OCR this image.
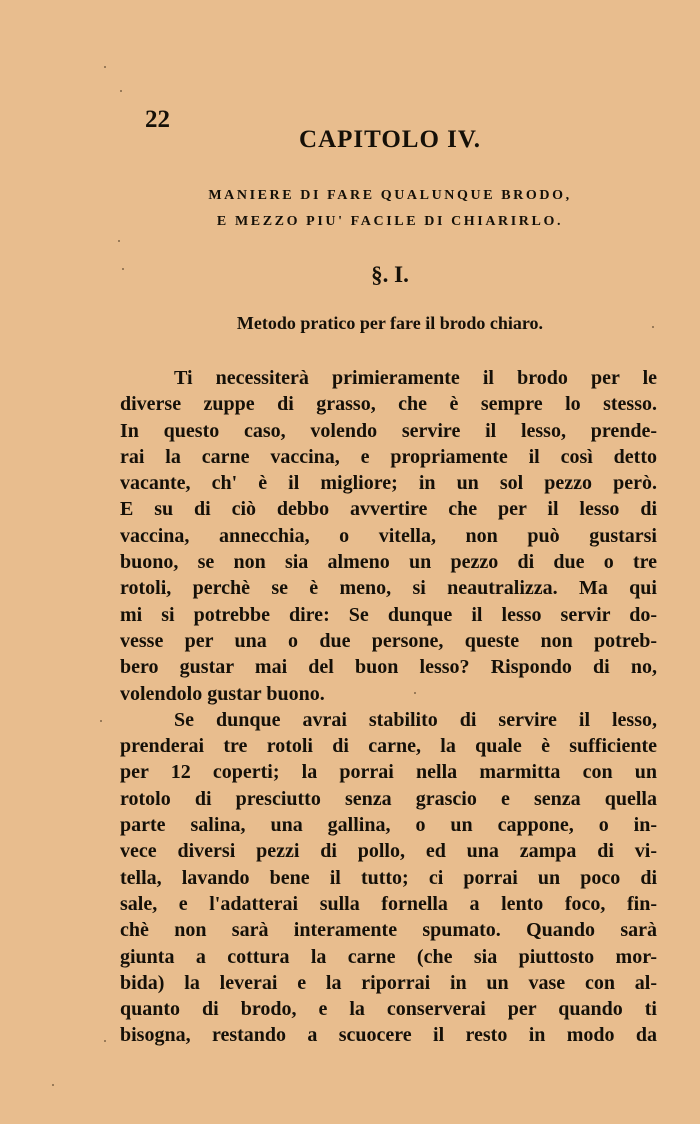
22
CAPITOLO IV.
MANIERE DI FARE QUALUNQUE BRODO,
E MEZZO PIU' FACILE DI CHIARIRLO.
§. I.
Metodo pratico per fare il brodo chiaro.
Ti necessiterà primieramente il brodo per le
diverse zuppe di grasso, che è sempre lo stesso.
In questo caso, volendo servire il lesso, prende-
rai la carne vaccina, e propriamente il così detto
vacante, ch' è il migliore; in un sol pezzo però.
E su di ciò debbo avvertire che per il lesso di
vaccina, annecchia, o vitella, non può gustarsi
buono, se non sia almeno un pezzo di due o tre
rotoli, perchè se è meno, si neautralizza. Ma qui
mi si potrebbe dire: Se dunque il lesso servir do-
vesse per una o due persone, queste non potreb-
bero gustar mai del buon lesso? Rispondo di no,
volendolo gustar buono.
Se dunque avrai stabilito di servire il lesso,
prenderai tre rotoli di carne, la quale è sufficiente
per 12 coperti; la porrai nella marmitta con un
rotolo di presciutto senza grascio e senza quella
parte salina, una gallina, o un cappone, o in-
vece diversi pezzi di pollo, ed una zampa di vi-
tella, lavando bene il tutto; ci porrai un poco di
sale, e l'adatterai sulla fornella a lento foco, fin-
chè non sarà interamente spumato. Quando sarà
giunta a cottura la carne (che sia piuttosto mor-
bida) la leverai e la riporrai in un vase con al-
quanto di brodo, e la conserverai per quando ti
bisogna, restando a scuocere il resto in modo da
